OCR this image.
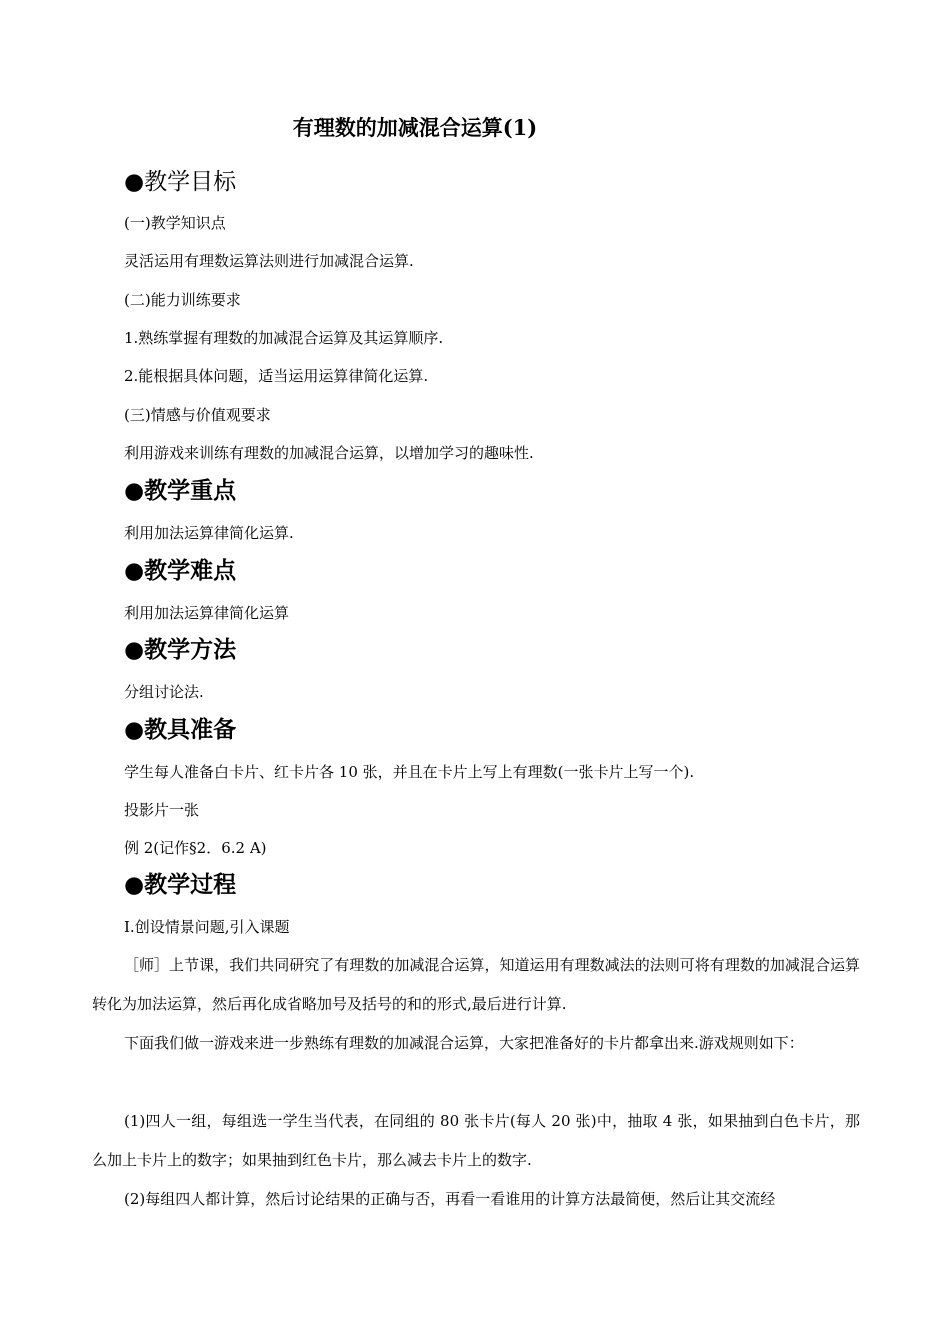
有理数的加减混合运算(1)
●教学目标
(一)教学知识点
灵活运用有理数运算法则进行加减混合运算.
(二)能力训练要求
1.熟练掌握有理数的加减混合运算及其运算顺序.
2.能根据具体问题，适当运用运算律简化运算.
(三)情感与价值观要求
利用游戏来训练有理数的加减混合运算，以增加学习的趣味性.
●教学重点
利用加法运算律简化运算.
●教学难点
利用加法运算律简化运算
●教学方法
分组讨论法.
●教具准备
学生每人准备白卡片、红卡片各 10 张，并且在卡片上写上有理数(一张卡片上写一个).
投影片一张
例 2(记作§2．6.2 A)
●教学过程
Ⅰ.创设情景问题,引入课题
［师］上节课，我们共同研究了有理数的加减混合运算，知道运用有理数减法的法则可将有理数的加减混合运算转化为加法运算，然后再化成省略加号及括号的和的形式,最后进行计算.
下面我们做一游戏来进一步熟练有理数的加减混合运算，大家把准备好的卡片都拿出来.游戏规则如下：
(1)四人一组，每组选一学生当代表，在同组的 80 张卡片(每人 20 张)中，抽取 4 张，如果抽到白色卡片，那么加上卡片上的数字；如果抽到红色卡片，那么减去卡片上的数字.
(2)每组四人都计算，然后讨论结果的正确与否，再看一看谁用的计算方法最简便，然后让其交流经
